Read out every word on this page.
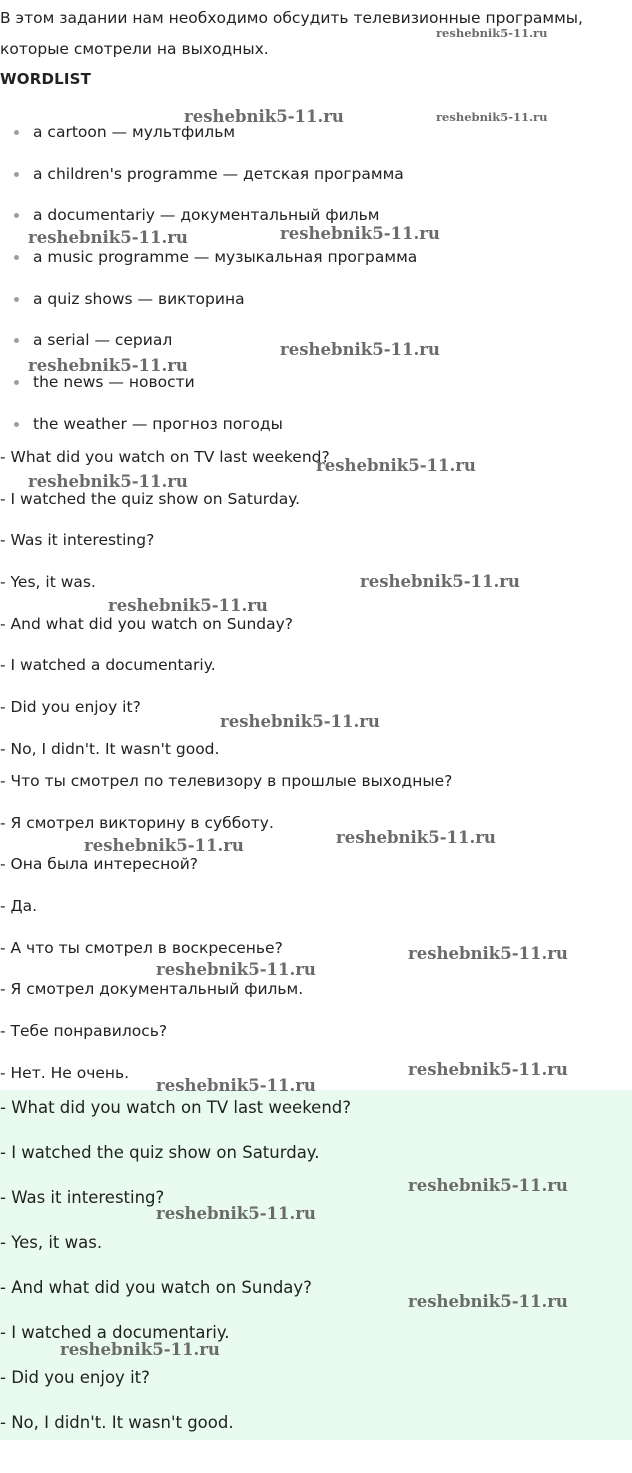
В этом задании нам необходимо обсудить телевизионные программы, которые смотрели на выходных.

WORDLIST
a cartoon — мультфильм
a children's programme — детская программа
a documentariy — документальный фильм
a music programme — музыкальная программа
a quiz shows — викторина
a serial — сериал
the news — новости
the weather — прогноз погоды
- What did you watch on TV last weekend?
- I watched the quiz show on Saturday.
- Was it interesting?
- Yes, it was.
- And what did you watch on Sunday?
- I watched a documentariy.
- Did you enjoy it?
- No, I didn't. It wasn't good.
- Что ты смотрел по телевизору в прошлые выходные?
- Я смотрел викторину в субботу.
- Она была интересной?
- Да.
- А что ты смотрел в воскресенье?
- Я смотрел документальный фильм.
- Тебе понравилось?
- Нет. Не очень.
- What did you watch on TV last weekend?
- I watched the quiz show on Saturday.
- Was it interesting?
- Yes, it was.
- And what did you watch on Sunday?
- I watched a documentariy.
- Did you enjoy it?
- No, I didn't. It wasn't good.
reshebnik5-11.ru
reshebnik5-11.ru	reshebnik5-11.ru
reshebnik5-11.ru	reshebnik5-11.ru
reshebnik5-11.ru
reshebnik5-11.ru
reshebnik5-11.ru
reshebnik5-11.ru
reshebnik5-11.ru
reshebnik5-11.ru
reshebnik5-11.ru
reshebnik5-11.ru
reshebnik5-11.ru
reshebnik5-11.ru
reshebnik5-11.ru
reshebnik5-11.ru
reshebnik5-11.ru
reshebnik5-11.ru
reshebnik5-11.ru
reshebnik5-11.ru
reshebnik5-11.ru
